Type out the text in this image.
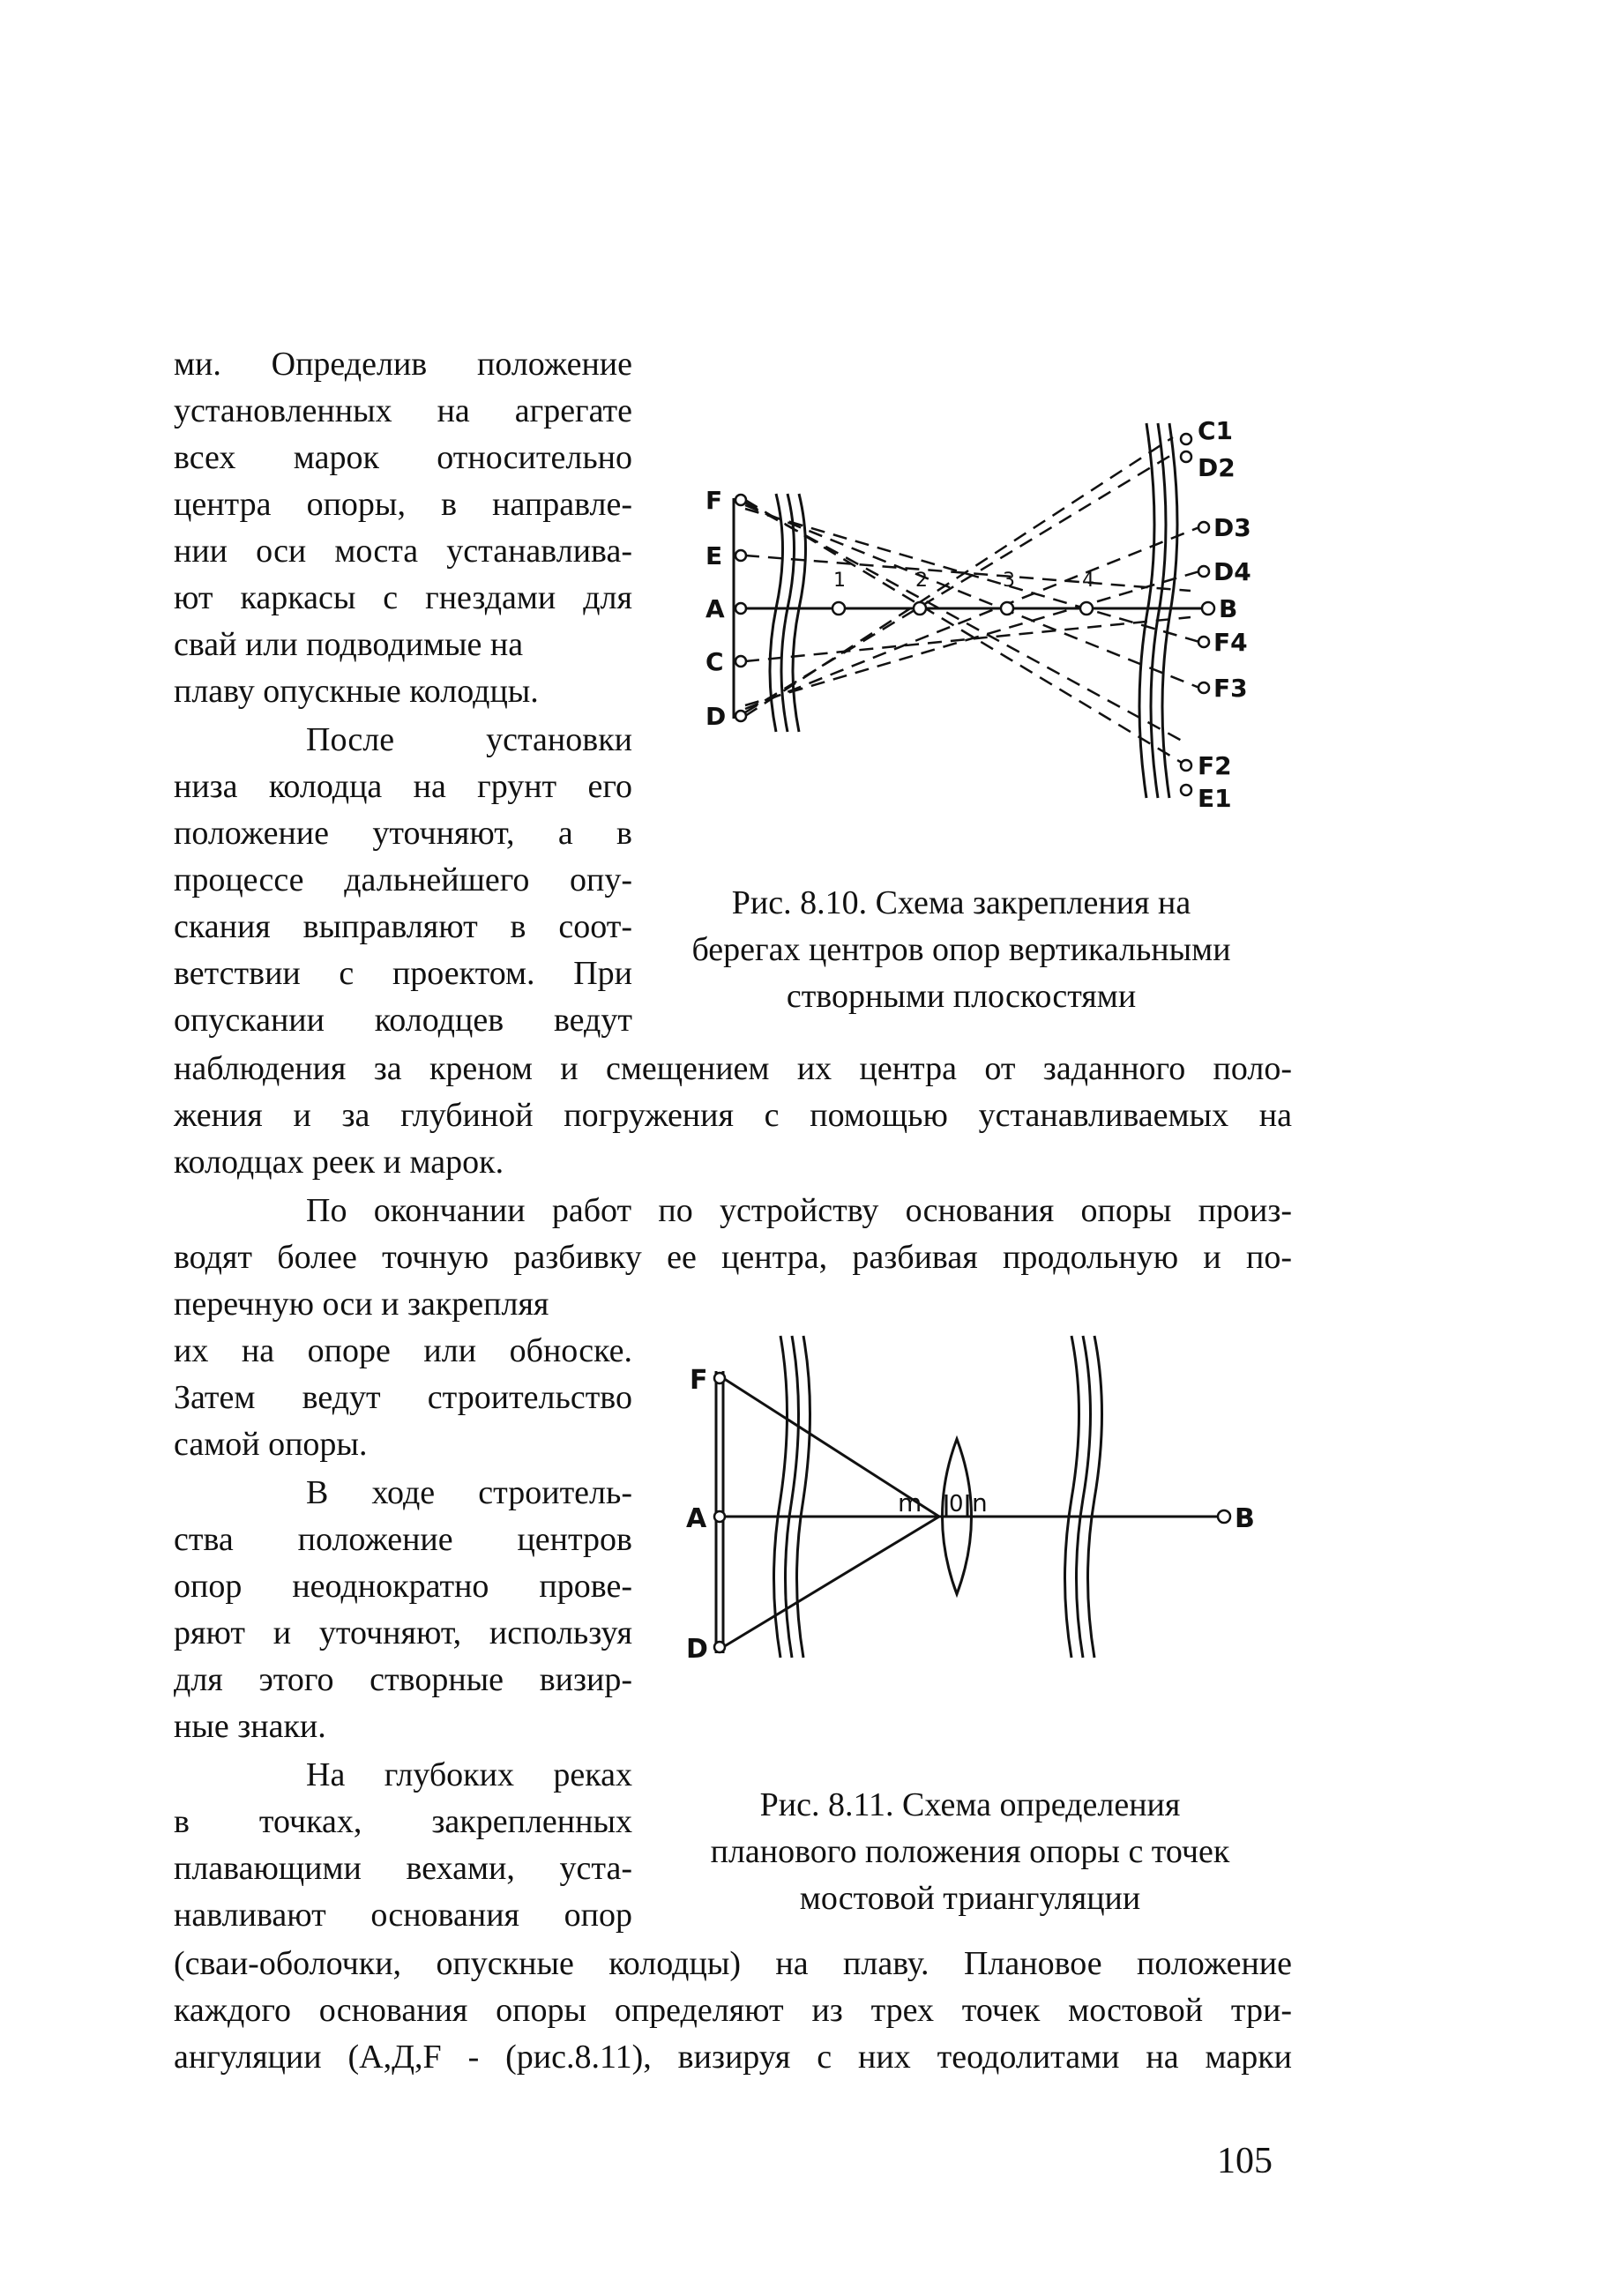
ми. Определив положение
установленных на агрегате
всех марок относительно
центра опоры, в направле-
нии оси моста устанавлива-
ют каркасы с гнездами для
свай или подводимые на
плаву опускные колодцы.
После установки
низа колодца на грунт его
положение уточняют, а в
процессе дальнейшего опу-
скания выправляют в соот-
ветствии с проектом. При
опускании колодцев ведут
наблюдения за креном и смещением их центра от заданного поло-
жения и за глубиной погружения с помощью устанавливаемых на
колодцах реек и марок.
По окончании работ по устройству основания опоры произ-
водят более точную разбивку ее центра, разбивая продольную и по-
перечную оси и закрепляя
их на опоре или обноске.
Затем ведут строительство
самой опоры.
В ходе строитель-
ства положение центров
опор неоднократно прове-
ряют и уточняют, используя
для этого створные визир-
ные знаки.
На глубоких реках
в точках, закрепленных
плавающими вехами, уста-
навливают основания опор
(сваи-оболочки, опускные колодцы) на плаву. Плановое положение
каждого основания опоры определяют из трех точек мостовой три-
ангуляции (А,Д,F - (рис.8.11), визируя с них теодолитами на марки
F
E
A
C
D
1	2	3	4
C1
D2
D3
D4
B
F4
F3
F2
E1
Рис. 8.10. Схема закрепления на
берегах центров опор вертикальными
створными плоскостями
F
A
D
B
m 0 n
Рис. 8.11. Схема определения
планового положения опоры с точек
мостовой триангуляции
105
